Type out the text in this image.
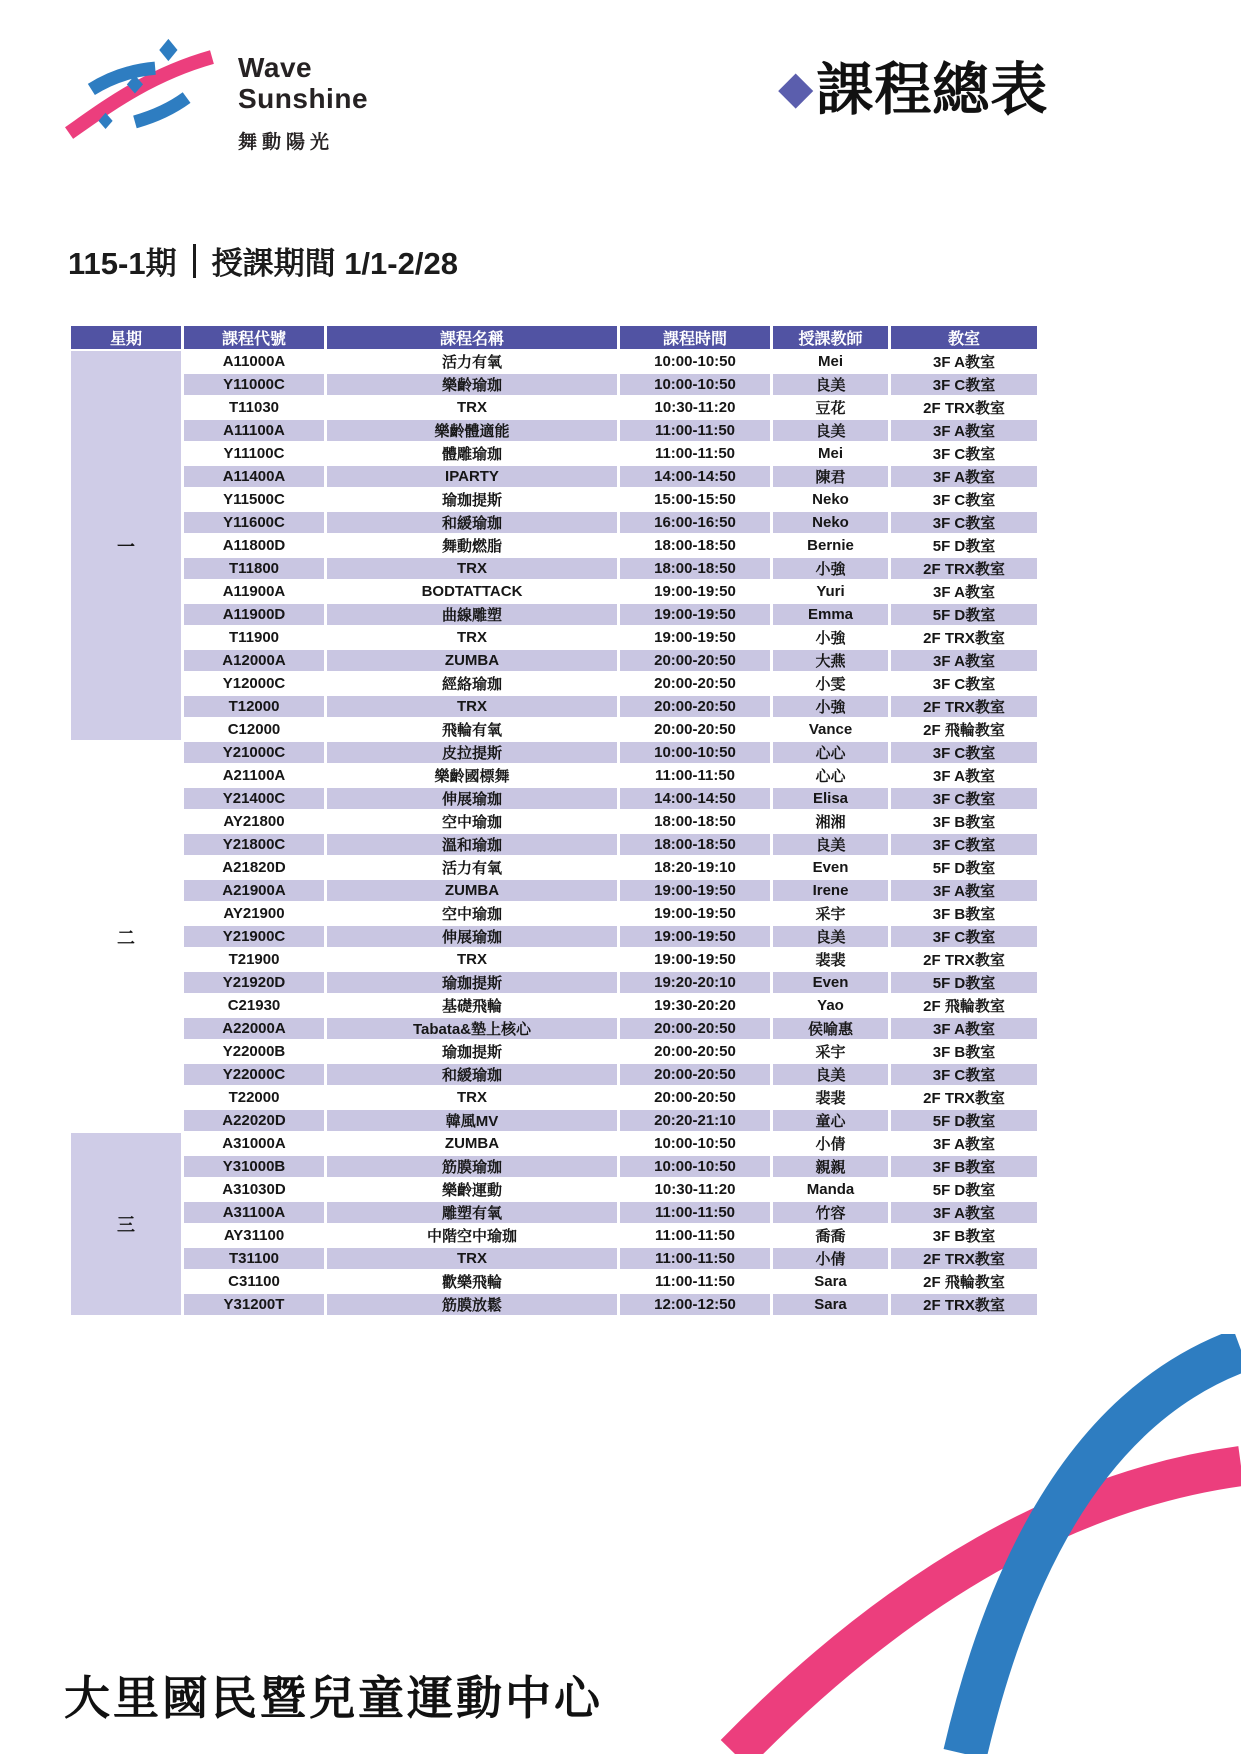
Wave
Sunshine
舞動陽光
◆課程總表
115-1期 授課期間 1/1-2/28
星期	課程代號	課程名稱	課程時間	授課教師	教室
一	A11000A	活力有氧	10:00-10:50	Mei	3F A教室
	Y11000C	樂齡瑜珈	10:00-10:50	良美	3F C教室
	T11030	TRX	10:30-11:20	豆花	2F TRX教室
	A11100A	樂齡體適能	11:00-11:50	良美	3F A教室
	Y11100C	體雕瑜珈	11:00-11:50	Mei	3F C教室
	A11400A	IPARTY	14:00-14:50	陳君	3F A教室
	Y11500C	瑜珈提斯	15:00-15:50	Neko	3F C教室
	Y11600C	和緩瑜珈	16:00-16:50	Neko	3F C教室
	A11800D	舞動燃脂	18:00-18:50	Bernie	5F D教室
	T11800	TRX	18:00-18:50	小強	2F TRX教室
	A11900A	BODTATTACK	19:00-19:50	Yuri	3F A教室
	A11900D	曲線雕塑	19:00-19:50	Emma	5F D教室
	T11900	TRX	19:00-19:50	小強	2F TRX教室
	A12000A	ZUMBA	20:00-20:50	大燕	3F A教室
	Y12000C	經絡瑜珈	20:00-20:50	小雯	3F C教室
	T12000	TRX	20:00-20:50	小強	2F TRX教室
	C12000	飛輪有氧	20:00-20:50	Vance	2F 飛輪教室
二	Y21000C	皮拉提斯	10:00-10:50	心心	3F C教室
	A21100A	樂齡國標舞	11:00-11:50	心心	3F A教室
	Y21400C	伸展瑜珈	14:00-14:50	Elisa	3F C教室
	AY21800	空中瑜珈	18:00-18:50	湘湘	3F B教室
	Y21800C	溫和瑜珈	18:00-18:50	良美	3F C教室
	A21820D	活力有氧	18:20-19:10	Even	5F D教室
	A21900A	ZUMBA	19:00-19:50	Irene	3F A教室
	AY21900	空中瑜珈	19:00-19:50	采宇	3F B教室
	Y21900C	伸展瑜珈	19:00-19:50	良美	3F C教室
	T21900	TRX	19:00-19:50	裴裴	2F TRX教室
	Y21920D	瑜珈提斯	19:20-20:10	Even	5F D教室
	C21930	基礎飛輪	19:30-20:20	Yao	2F 飛輪教室
	A22000A	Tabata&墊上核心	20:00-20:50	侯喻惠	3F A教室
	Y22000B	瑜珈提斯	20:00-20:50	采宇	3F B教室
	Y22000C	和緩瑜珈	20:00-20:50	良美	3F C教室
	T22000	TRX	20:00-20:50	裴裴	2F TRX教室
	A22020D	韓風MV	20:20-21:10	童心	5F D教室
三	A31000A	ZUMBA	10:00-10:50	小倩	3F A教室
	Y31000B	筋膜瑜珈	10:00-10:50	親親	3F B教室
	A31030D	樂齡運動	10:30-11:20	Manda	5F D教室
	A31100A	雕塑有氧	11:00-11:50	竹容	3F A教室
	AY31100	中階空中瑜珈	11:00-11:50	喬喬	3F B教室
	T31100	TRX	11:00-11:50	小倩	2F TRX教室
	C31100	歡樂飛輪	11:00-11:50	Sara	2F 飛輪教室
	Y31200T	筋膜放鬆	12:00-12:50	Sara	2F TRX教室
大里國民暨兒童運動中心
